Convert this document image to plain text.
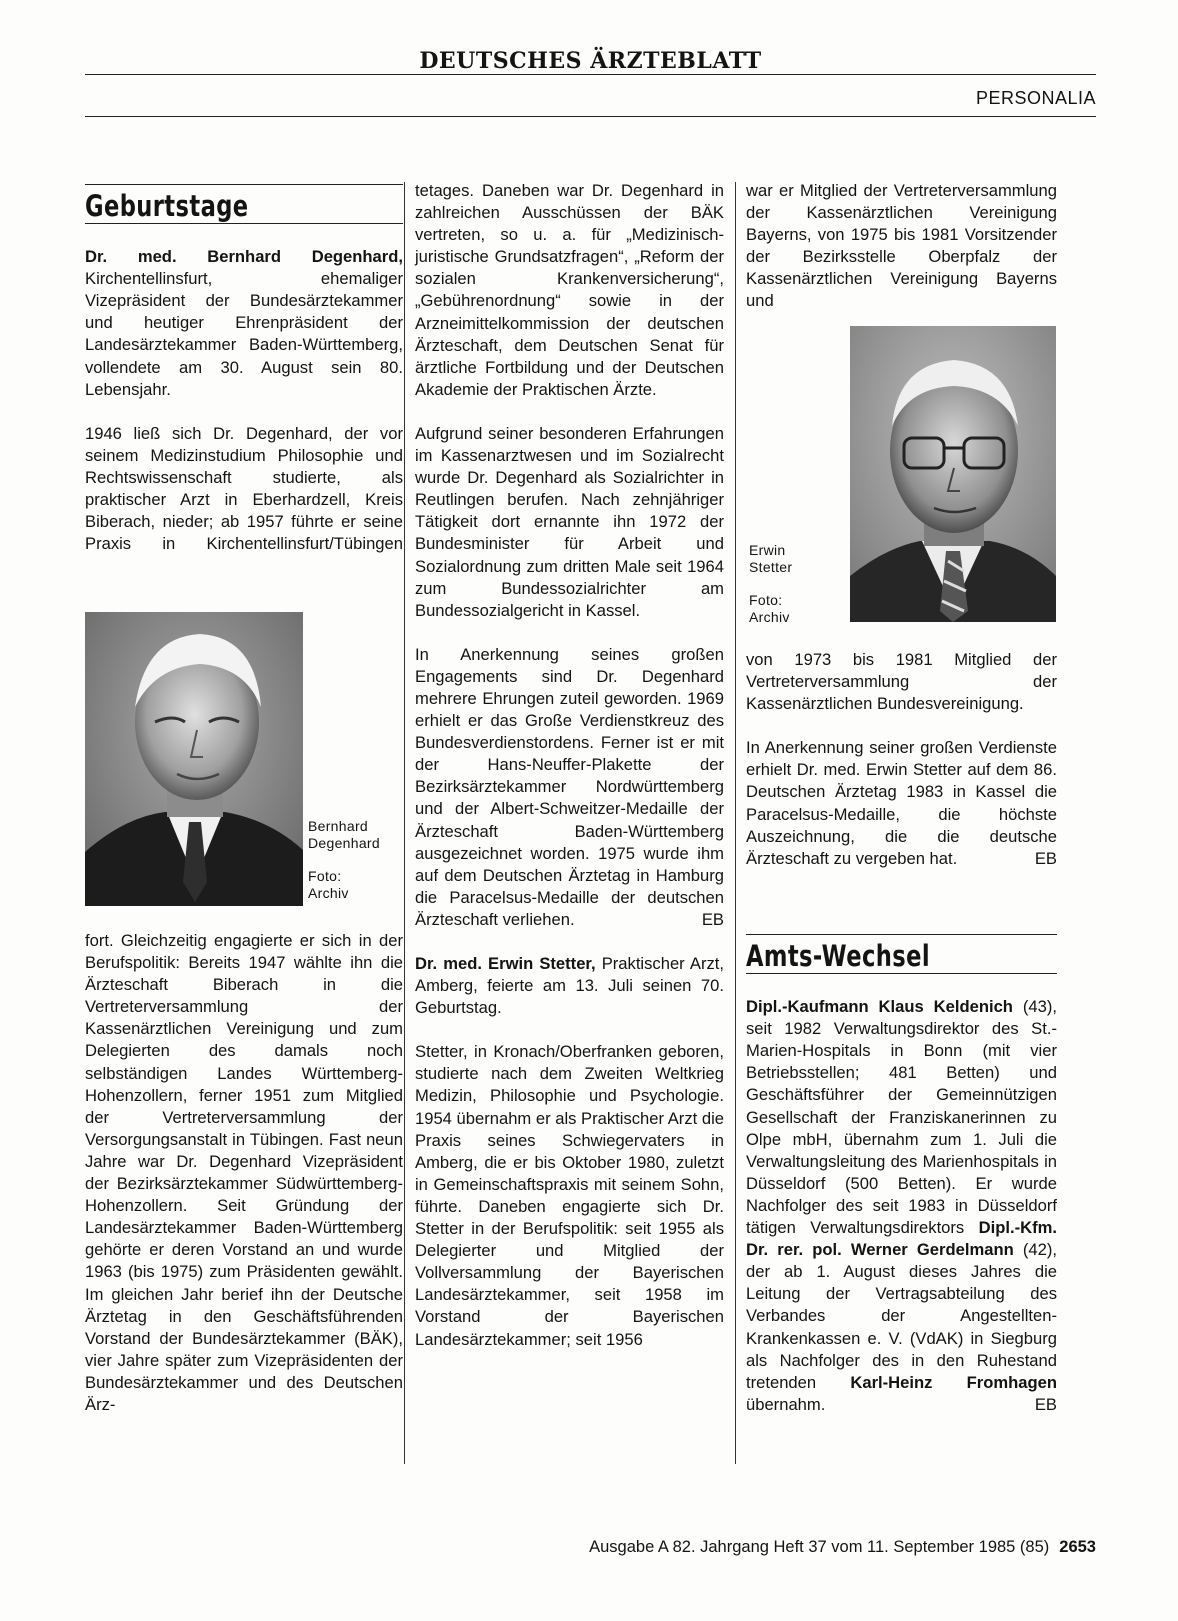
DEUTSCHES ÄRZTEBLATT
PERSONALIA
Geburtstage

Dr. med. Bernhard Degenhard, Kirchentellinsfurt, ehemaliger Vizepräsident der Bundesärztekammer und heutiger Ehrenpräsident der Landesärztekammer Baden-Württemberg, vollendete am 30. August sein 80. Lebensjahr.

1946 ließ sich Dr. Degenhard, der vor seinem Medizinstudium Philosophie und Rechtswissenschaft studierte, als praktischer Arzt in Eberhardzell, Kreis Biberach, nieder; ab 1957 führte er seine Praxis in Kirchentellinsfurt/Tübingen

Bernhard
Degenhard
Foto:
Archiv

fort. Gleichzeitig engagierte er sich in der Berufspolitik: Bereits 1947 wählte ihn die Ärzteschaft Biberach in die Vertreterversammlung der Kassenärztlichen Vereinigung und zum Delegierten des damals noch selbständigen Landes Württemberg-Hohenzollern, ferner 1951 zum Mitglied der Vertreterversammlung der Versorgungsanstalt in Tübingen. Fast neun Jahre war Dr. Degenhard Vizepräsident der Bezirksärztekammer Südwürttemberg-Hohenzollern. Seit Gründung der Landesärztekammer Baden-Württemberg gehörte er deren Vorstand an und wurde 1963 (bis 1975) zum Präsidenten gewählt. Im gleichen Jahr berief ihn der Deutsche Ärztetag in den Geschäftsführenden Vorstand der Bundesärztekammer (BÄK), vier Jahre später zum Vizepräsidenten der Bundesärztekammer und des Deutschen Ärz-

tetages. Daneben war Dr. Degenhard in zahlreichen Ausschüssen der BÄK vertreten, so u. a. für „Medizinisch-juristische Grundsatzfragen“, „Reform der sozialen Krankenversicherung“, „Gebührenordnung“ sowie in der Arzneimittelkommission der deutschen Ärzteschaft, dem Deutschen Senat für ärztliche Fortbildung und der Deutschen Akademie der Praktischen Ärzte.

Aufgrund seiner besonderen Erfahrungen im Kassenarztwesen und im Sozialrecht wurde Dr. Degenhard als Sozialrichter in Reutlingen berufen. Nach zehnjähriger Tätigkeit dort ernannte ihn 1972 der Bundesminister für Arbeit und Sozialordnung zum dritten Male seit 1964 zum Bundessozialrichter am Bundessozialgericht in Kassel.

In Anerkennung seines großen Engagements sind Dr. Degenhard mehrere Ehrungen zuteil geworden. 1969 erhielt er das Große Verdienstkreuz des Bundesverdienstordens. Ferner ist er mit der Hans-Neuffer-Plakette der Bezirksärztekammer Nordwürttemberg und der Albert-Schweitzer-Medaille der Ärzteschaft Baden-Württemberg ausgezeichnet worden. 1975 wurde ihm auf dem Deutschen Ärztetag in Hamburg die Paracelsus-Medaille der deutschen Ärzteschaft verliehen.	EB

Dr. med. Erwin Stetter, Praktischer Arzt, Amberg, feierte am 13. Juli seinen 70. Geburtstag.

Stetter, in Kronach/Oberfranken geboren, studierte nach dem Zweiten Weltkrieg Medizin, Philosophie und Psychologie. 1954 übernahm er als Praktischer Arzt die Praxis seines Schwiegervaters in Amberg, die er bis Oktober 1980, zuletzt in Gemeinschaftspraxis mit seinem Sohn, führte. Daneben engagierte sich Dr. Stetter in der Berufspolitik: seit 1955 als Delegierter und Mitglied der Vollversammlung der Bayerischen Landesärztekammer, seit 1958 im Vorstand der Bayerischen Landesärztekammer; seit 1956

war er Mitglied der Vertreterversammlung der Kassenärztlichen Vereinigung Bayerns, von 1975 bis 1981 Vorsitzender der Bezirksstelle Oberpfalz der Kassenärztlichen Vereinigung Bayerns und

Erwin
Stetter
Foto:
Archiv

von 1973 bis 1981 Mitglied der Vertreterversammlung der Kassenärztlichen Bundesvereinigung.

In Anerkennung seiner großen Verdienste erhielt Dr. med. Erwin Stetter auf dem 86. Deutschen Ärztetag 1983 in Kassel die Paracelsus-Medaille, die höchste Auszeichnung, die die deutsche Ärzteschaft zu vergeben hat.	EB

Amts-Wechsel

Dipl.-Kaufmann Klaus Keldenich (43), seit 1982 Verwaltungsdirektor des St.-Marien-Hospitals in Bonn (mit vier Betriebsstellen; 481 Betten) und Geschäftsführer der Gemeinnützigen Gesellschaft der Franziskanerinnen zu Olpe mbH, übernahm zum 1. Juli die Verwaltungsleitung des Marienhospitals in Düsseldorf (500 Betten). Er wurde Nachfolger des seit 1983 in Düsseldorf tätigen Verwaltungsdirektors Dipl.-Kfm. Dr. rer. pol. Werner Gerdelmann (42), der ab 1. August dieses Jahres die Leitung der Vertragsabteilung des Verbandes der Angestellten-Krankenkassen e. V. (VdAK) in Siegburg als Nachfolger des in den Ruhestand tretenden Karl-Heinz Fromhagen übernahm.	EB

Ausgabe A 82. Jahrgang Heft 37 vom 11. September 1985 (85) 2653
